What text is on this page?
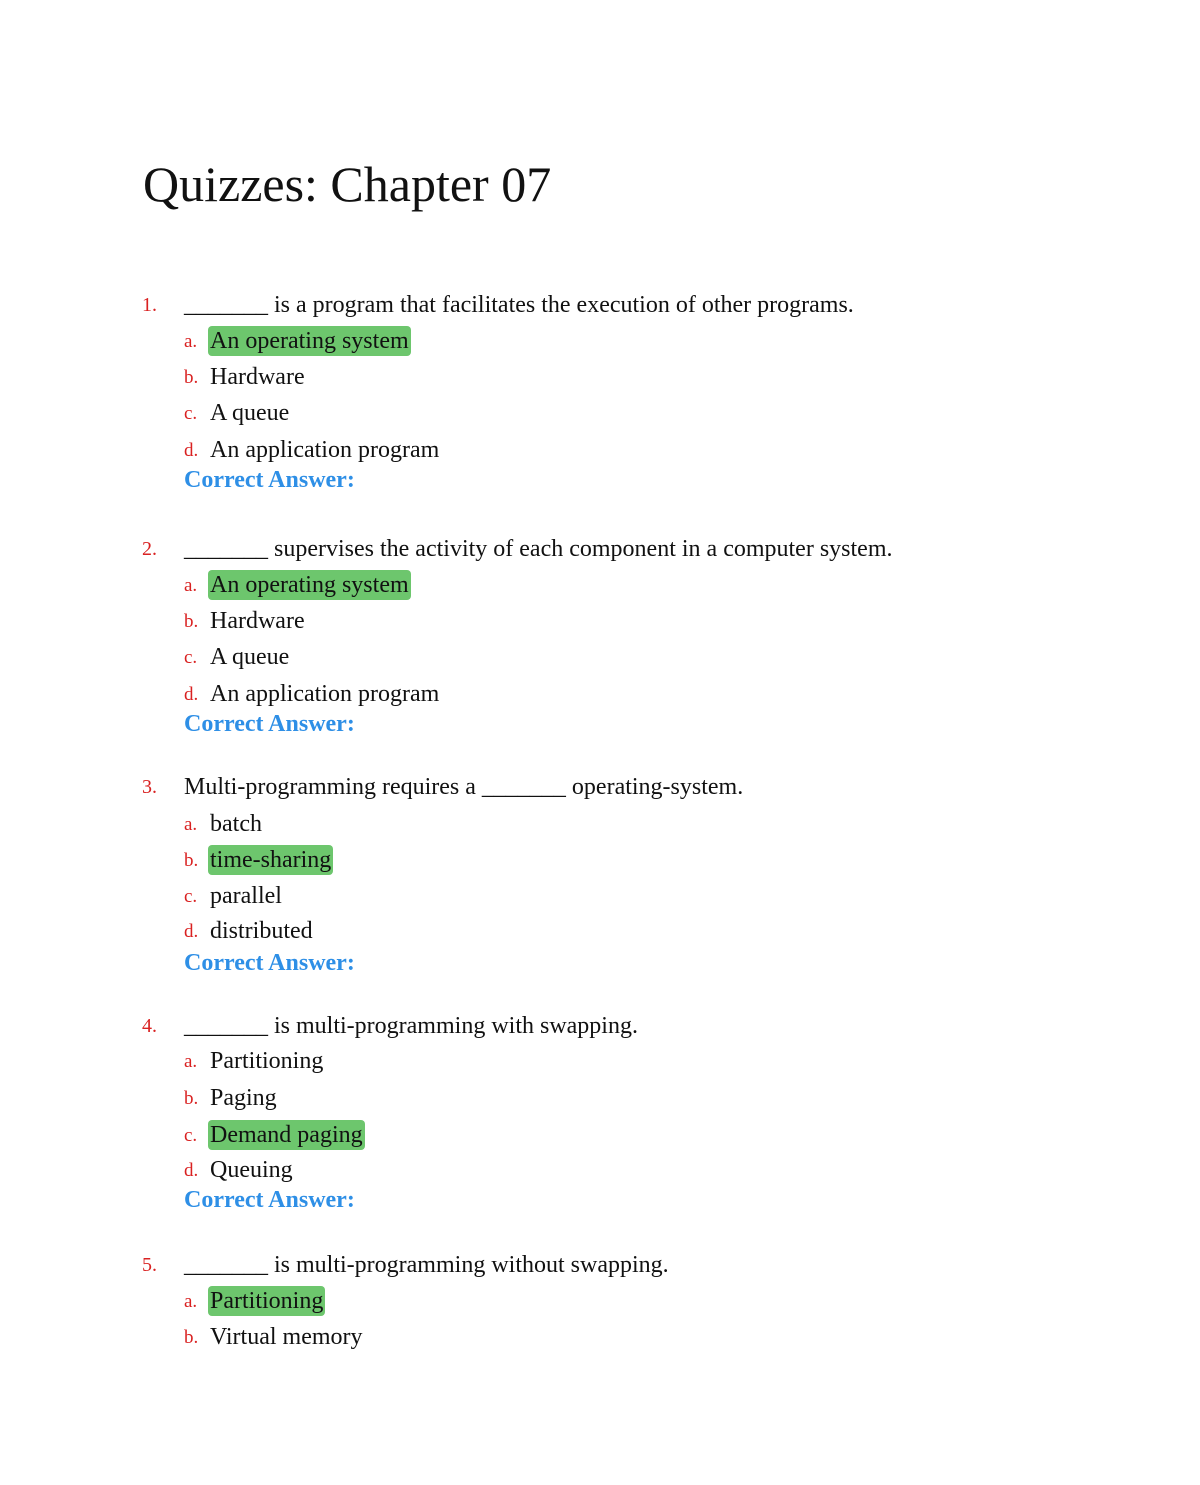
Quizzes: Chapter 07
1. _______ is a program that facilitates the execution of other programs.
a. An operating system
b. Hardware
c. A queue
d. An application program
Correct Answer:
2. _______ supervises the activity of each component in a computer system.
a. An operating system
b. Hardware
c. A queue
d. An application program
Correct Answer:
3. Multi-programming requires a _______ operating-system.
a. batch
b. time-sharing
c. parallel
d. distributed
Correct Answer:
4. _______ is multi-programming with swapping.
a. Partitioning
b. Paging
c. Demand paging
d. Queuing
Correct Answer:
5. _______ is multi-programming without swapping.
a. Partitioning
b. Virtual memory
